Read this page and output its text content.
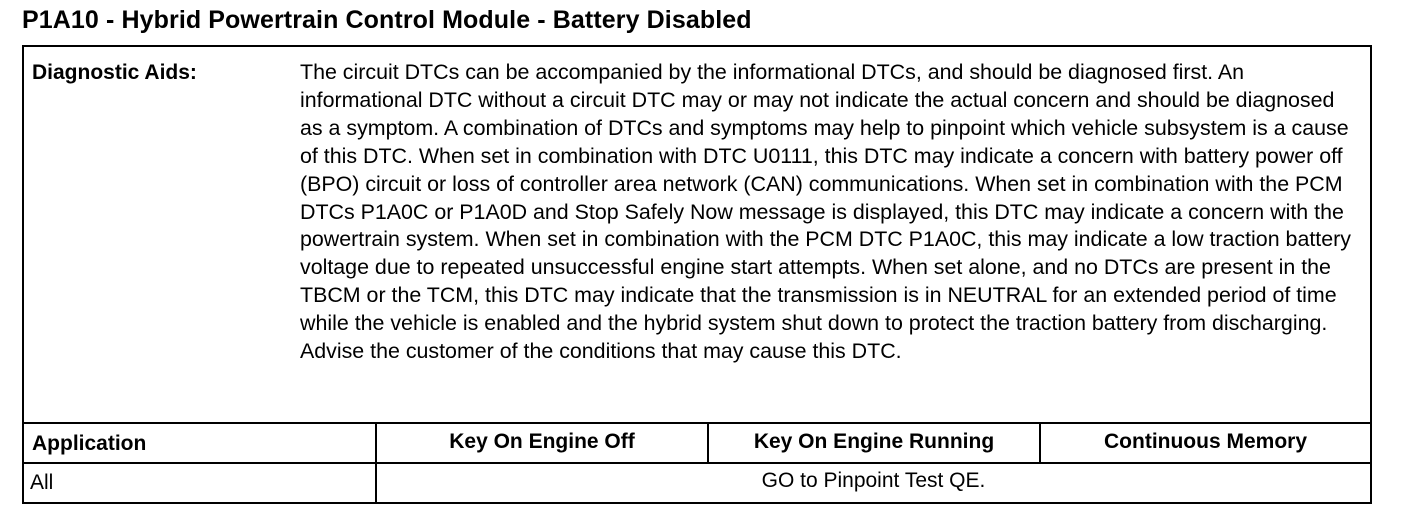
P1A10 - Hybrid Powertrain Control Module - Battery Disabled
Diagnostic Aids:	The circuit DTCs can be accompanied by the informational DTCs, and should be diagnosed first. An informational DTC without a circuit DTC may or may not indicate the actual concern and should be diagnosed as a symptom. A combination of DTCs and symptoms may help to pinpoint which vehicle subsystem is a cause of this DTC. When set in combination with DTC U0111, this DTC may indicate a concern with battery power off (BPO) circuit or loss of controller area network (CAN) communications. When set in combination with the PCM DTCs P1A0C or P1A0D and Stop Safely Now message is displayed, this DTC may indicate a concern with the powertrain system. When set in combination with the PCM DTC P1A0C, this may indicate a low traction battery voltage due to repeated unsuccessful engine start attempts. When set alone, and no DTCs are present in the TBCM or the TCM, this DTC may indicate that the transmission is in NEUTRAL for an extended period of time while the vehicle is enabled and the hybrid system shut down to protect the traction battery from discharging. Advise the customer of the conditions that may cause this DTC.
Application	Key On Engine Off	Key On Engine Running	Continuous Memory
All	GO to Pinpoint Test QE.
